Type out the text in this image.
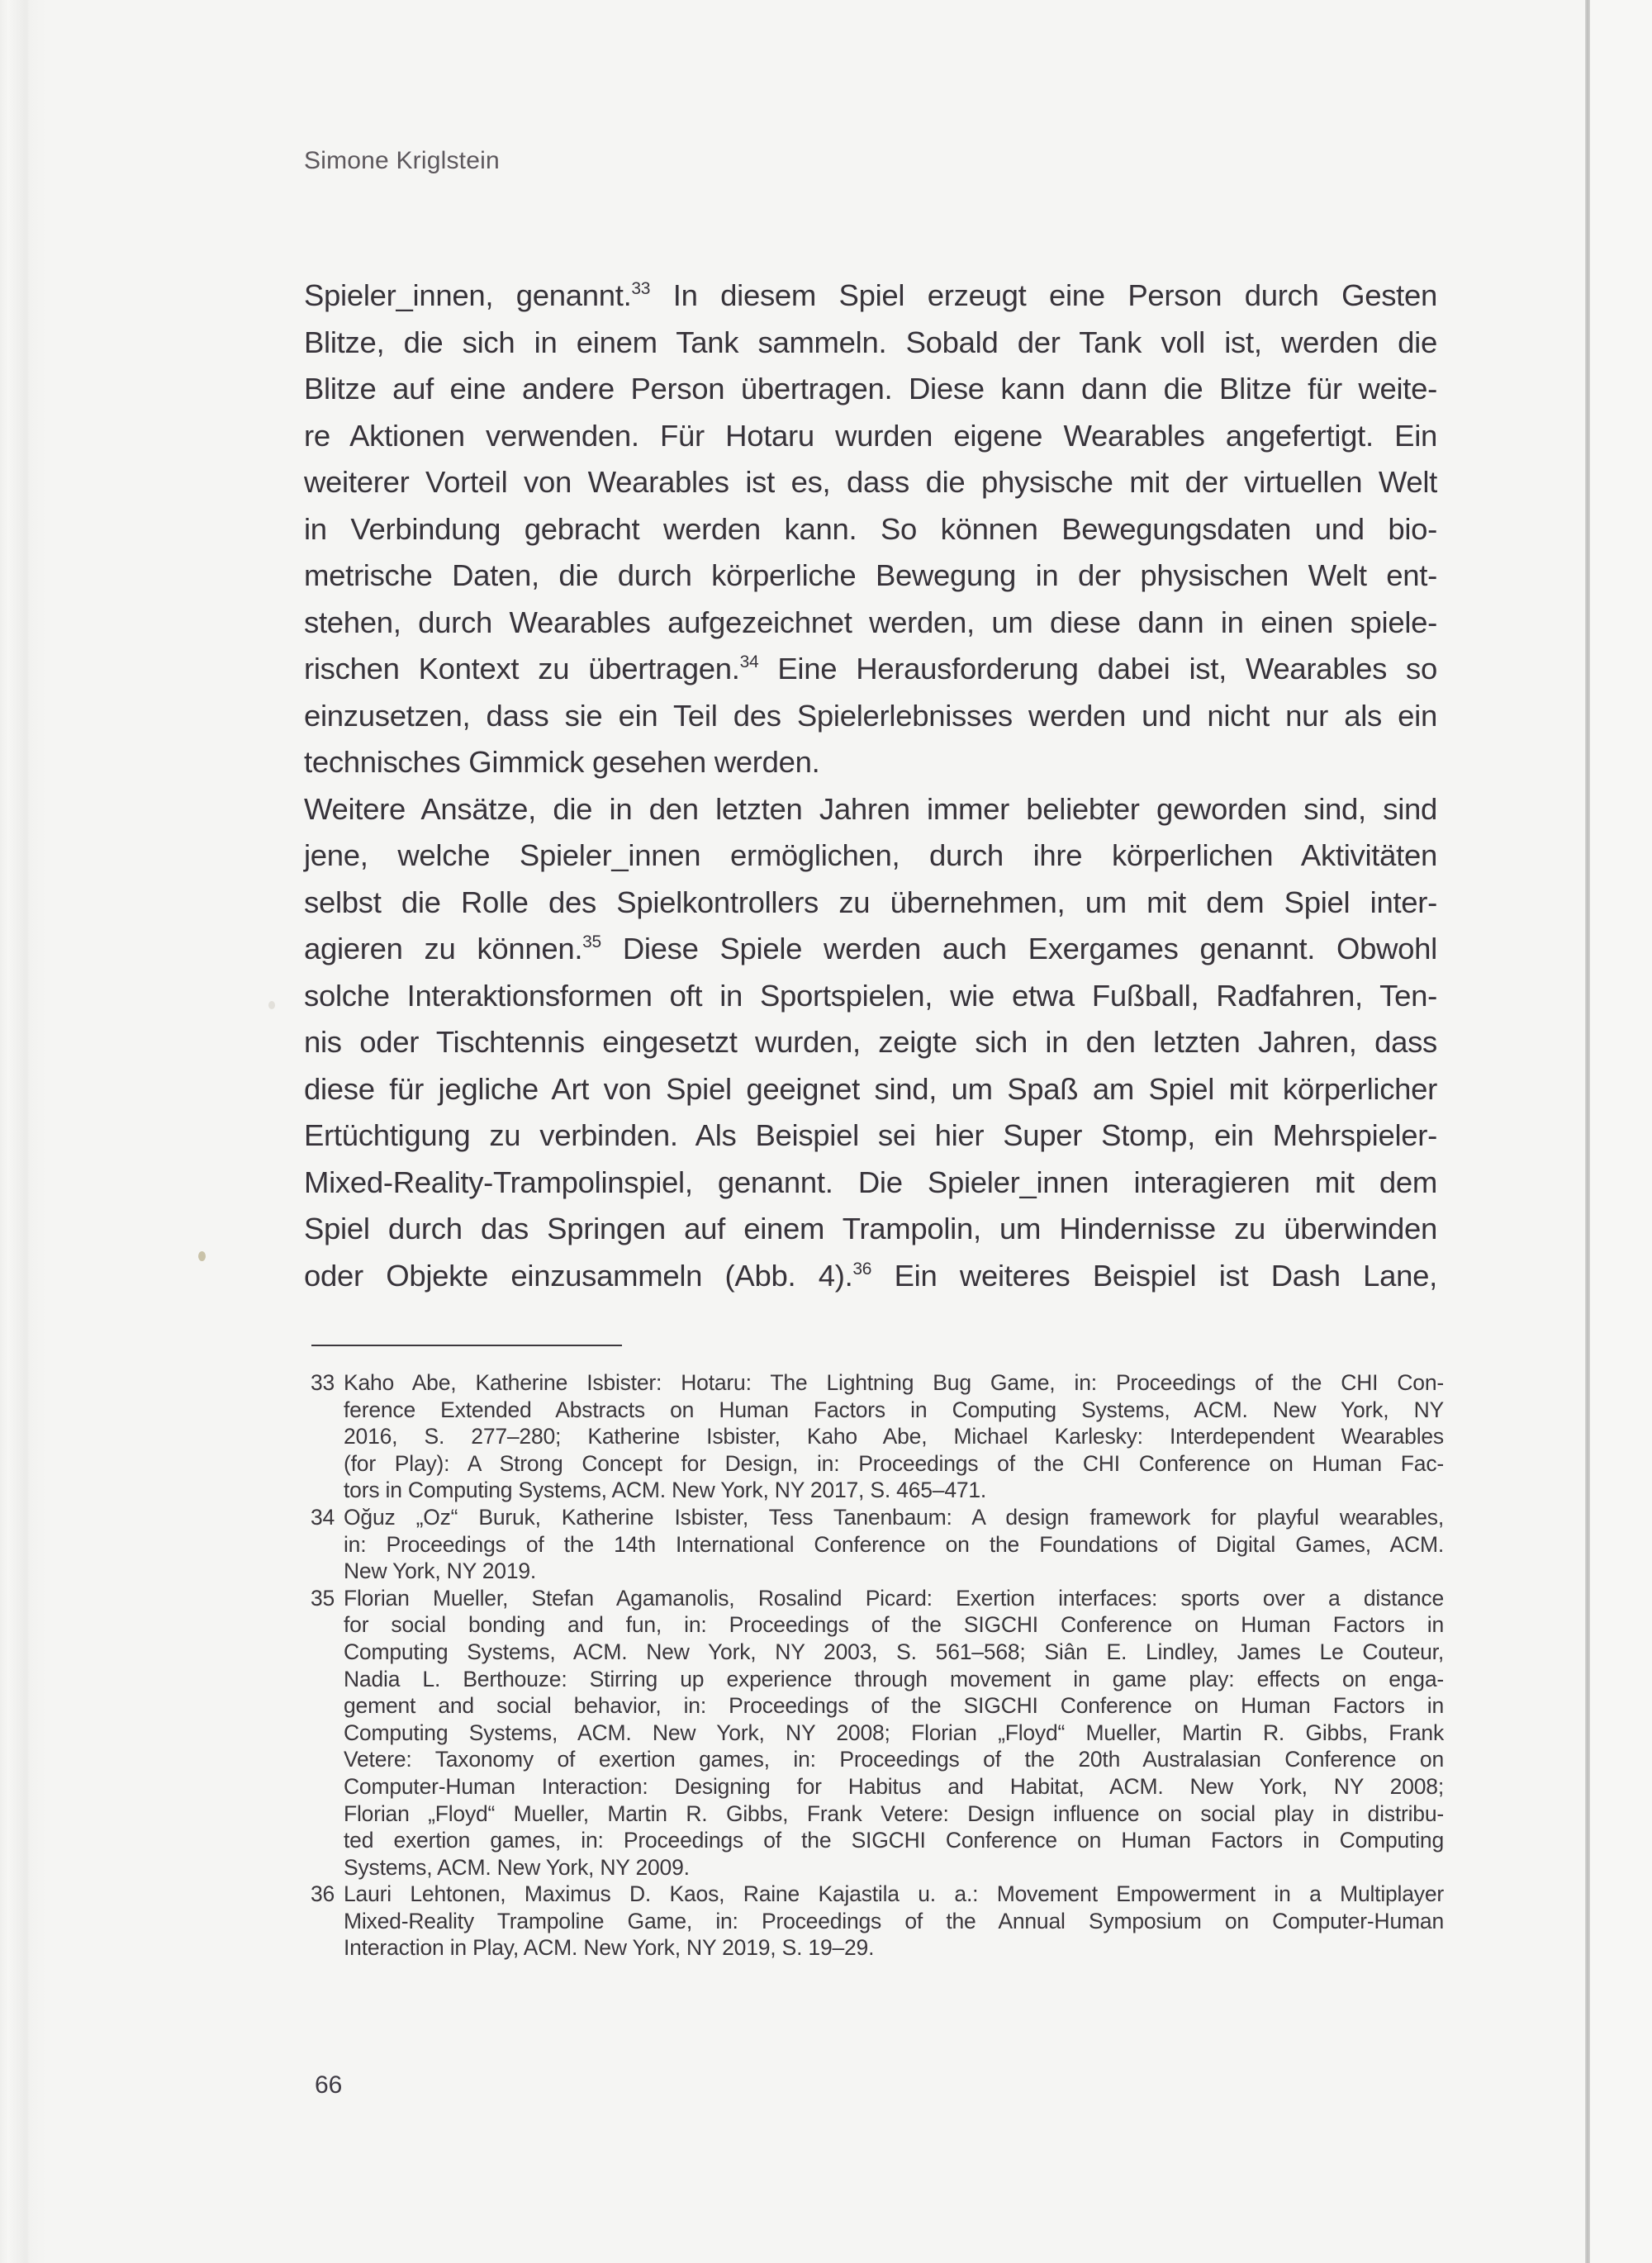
Simone Kriglstein

Spieler_innen, genannt.$^{33}$ In diesem Spiel erzeugt eine Person durch Gesten
Blitze, die sich in einem Tank sammeln. Sobald der Tank voll ist, werden die
Blitze auf eine andere Person übertragen. Diese kann dann die Blitze für weite-
re Aktionen verwenden. Für Hotaru wurden eigene Wearables angefertigt. Ein
weiterer Vorteil von Wearables ist es, dass die physische mit der virtuellen Welt
in Verbindung gebracht werden kann. So können Bewegungsdaten und bio-
metrische Daten, die durch körperliche Bewegung in der physischen Welt ent-
stehen, durch Wearables aufgezeichnet werden, um diese dann in einen spiele-
rischen Kontext zu übertragen.$^{34}$ Eine Herausforderung dabei ist, Wearables so
einzusetzen, dass sie ein Teil des Spielerlebnisses werden und nicht nur als ein
technisches Gimmick gesehen werden.

Weitere Ansätze, die in den letzten Jahren immer beliebter geworden sind, sind
jene, welche Spieler_innen ermöglichen, durch ihre körperlichen Aktivitäten
selbst die Rolle des Spielkontrollers zu übernehmen, um mit dem Spiel inter-
agieren zu können.$^{35}$ Diese Spiele werden auch Exergames genannt. Obwohl
solche Interaktionsformen oft in Sportspielen, wie etwa Fußball, Radfahren, Ten-
nis oder Tischtennis eingesetzt wurden, zeigte sich in den letzten Jahren, dass
diese für jegliche Art von Spiel geeignet sind, um Spaß am Spiel mit körperlicher
Ertüchtigung zu verbinden. Als Beispiel sei hier Super Stomp, ein Mehrspieler-
Mixed-Reality-Trampolinspiel, genannt. Die Spieler_innen interagieren mit dem
Spiel durch das Springen auf einem Trampolin, um Hindernisse zu überwinden
oder Objekte einzusammeln (Abb. 4).$^{36}$ Ein weiteres Beispiel ist Dash Lane,

33 Kaho Abe, Katherine Isbister: Hotaru: The Lightning Bug Game, in: Proceedings of the CHI Con-
ference Extended Abstracts on Human Factors in Computing Systems, ACM. New York, NY
2016, S. 277–280; Katherine Isbister, Kaho Abe, Michael Karlesky: Interdependent Wearables
(for Play): A Strong Concept for Design, in: Proceedings of the CHI Conference on Human Fac-
tors in Computing Systems, ACM. New York, NY 2017, S. 465–471.
34 Oğuz „Oz“ Buruk, Katherine Isbister, Tess Tanenbaum: A design framework for playful wearables,
in: Proceedings of the 14th International Conference on the Foundations of Digital Games, ACM.
New York, NY 2019.
35 Florian Mueller, Stefan Agamanolis, Rosalind Picard: Exertion interfaces: sports over a distance
for social bonding and fun, in: Proceedings of the SIGCHI Conference on Human Factors in
Computing Systems, ACM. New York, NY 2003, S. 561–568; Siân E. Lindley, James Le Couteur,
Nadia L. Berthouze: Stirring up experience through movement in game play: effects on enga-
gement and social behavior, in: Proceedings of the SIGCHI Conference on Human Factors in
Computing Systems, ACM. New York, NY 2008; Florian „Floyd“ Mueller, Martin R. Gibbs, Frank
Vetere: Taxonomy of exertion games, in: Proceedings of the 20th Australasian Conference on
Computer-Human Interaction: Designing for Habitus and Habitat, ACM. New York, NY 2008;
Florian „Floyd“ Mueller, Martin R. Gibbs, Frank Vetere: Design influence on social play in distribu-
ted exertion games, in: Proceedings of the SIGCHI Conference on Human Factors in Computing
Systems, ACM. New York, NY 2009.
36 Lauri Lehtonen, Maximus D. Kaos, Raine Kajastila u. a.: Movement Empowerment in a Multiplayer
Mixed-Reality Trampoline Game, in: Proceedings of the Annual Symposium on Computer-Human
Interaction in Play, ACM. New York, NY 2019, S. 19–29.
66
